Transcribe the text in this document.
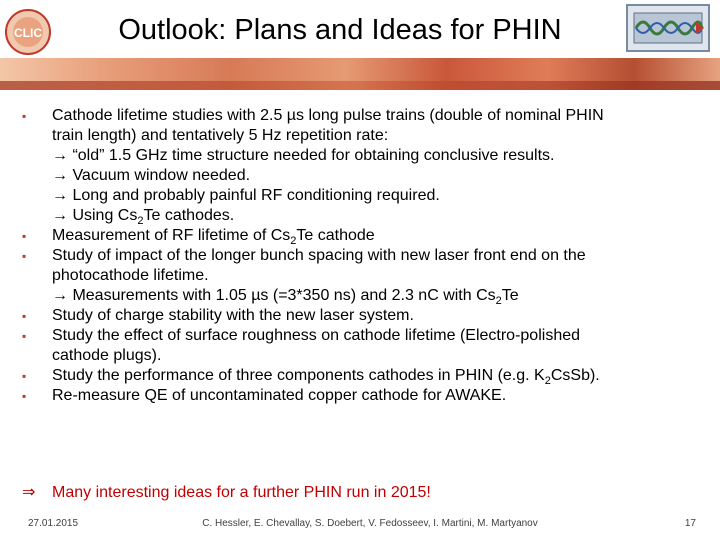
CLIC	Outlook: Plans and Ideas for PHIN
▪ Cathode lifetime studies with 2.5 µs long pulse trains (double of nominal PHIN
train length) and tentatively 5 Hz repetition rate:
→ “old” 1.5 GHz time structure needed for obtaining conclusive results.
→ Vacuum window needed.
→ Long and probably painful RF conditioning required.
→ Using $Cs_2Te$ cathodes.
▪ Measurement of RF lifetime of $Cs_2Te$ cathode
▪ Study of impact of the longer bunch spacing with new laser front end on the
photocathode lifetime.
→ Measurements with 1.05 µs (=3*350 ns) and 2.3 nC with $Cs_2Te$
▪ Study of charge stability with the new laser system.
▪ Study the effect of surface roughness on cathode lifetime (Electro-polished
cathode plugs).
▪ Study the performance of three components cathodes in PHIN (e.g. $K_2CsSb$).
▪ Re-measure QE of uncontaminated copper cathode for AWAKE.
⇒ Many interesting ideas for a further PHIN run in 2015!
27.01.2015	C. Hessler, E. Chevallay, S. Doebert, V. Fedosseev, I. Martini, M. Martyanov	17
